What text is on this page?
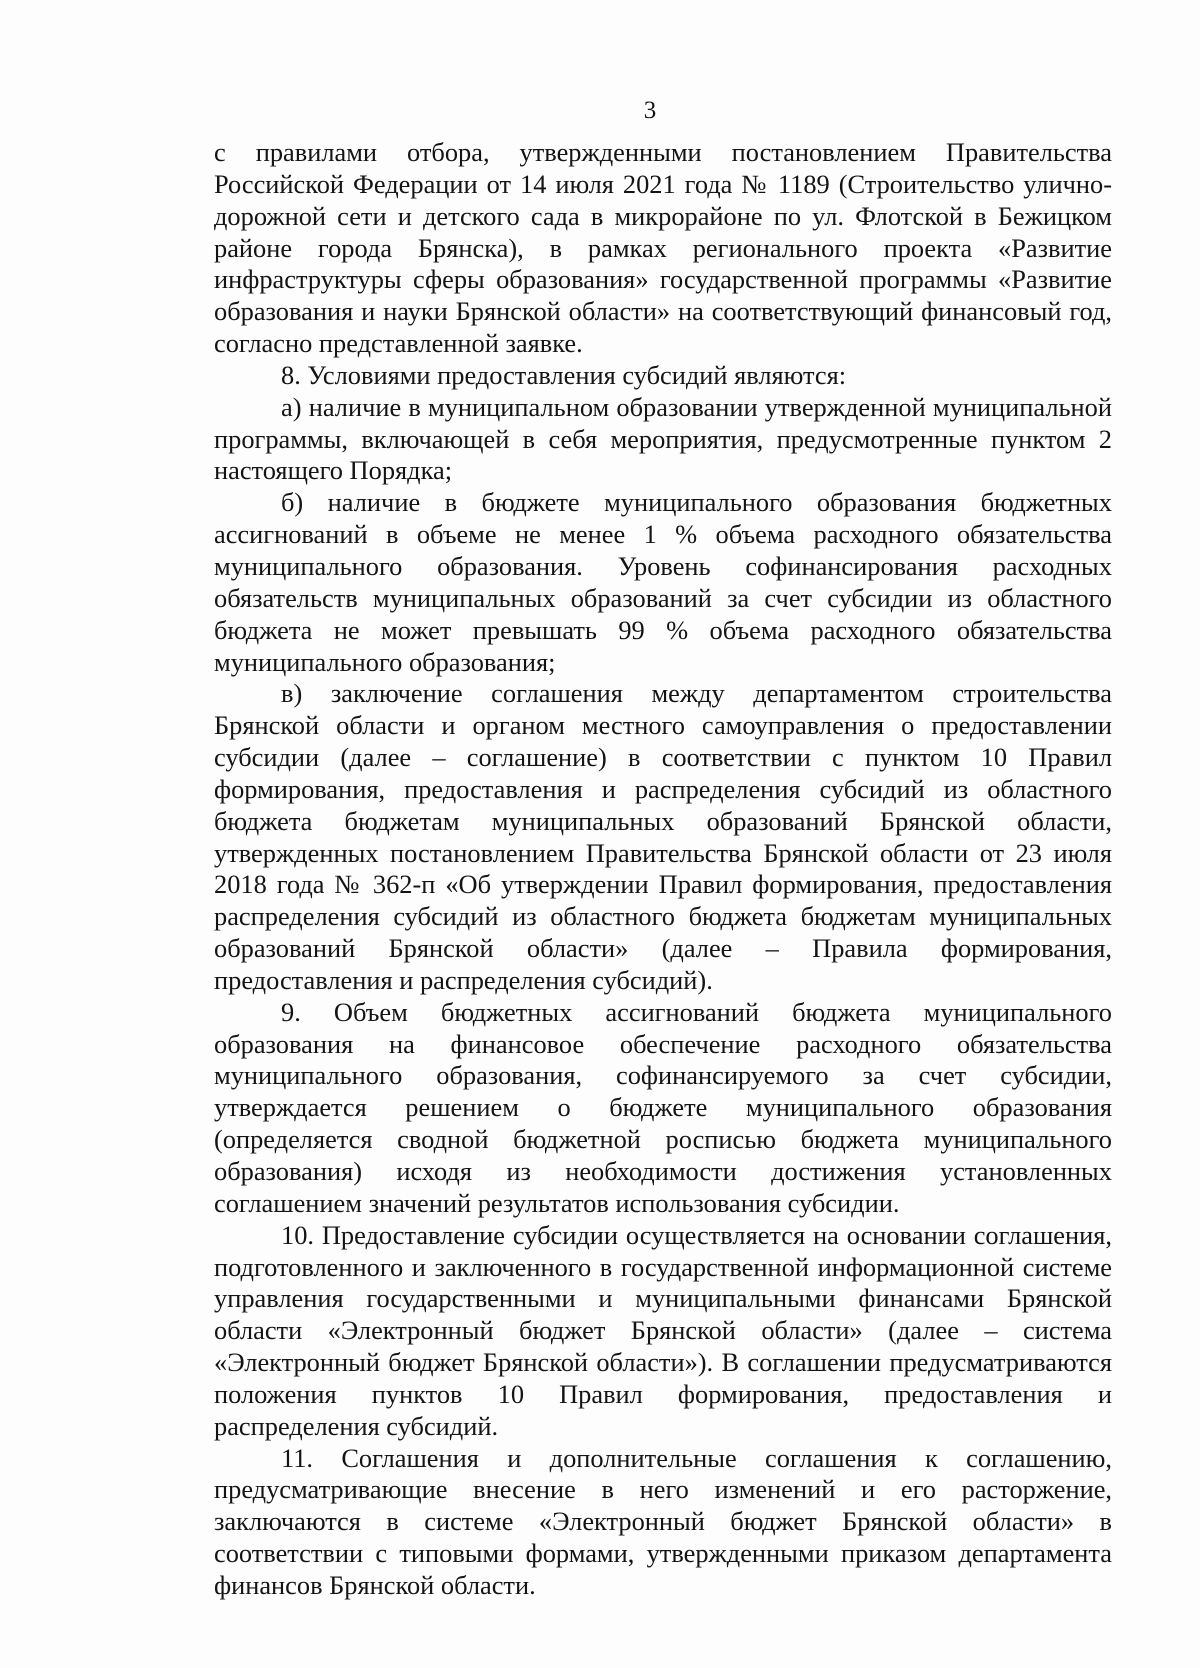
3

с правилами отбора, утвержденными постановлением Правительства Российской Федерации от 14 июля 2021 года № 1189 (Строительство улично-дорожной сети и детского сада в микрорайоне по ул. Флотской в Бежицком районе города Брянска), в рамках регионального проекта «Развитие инфраструктуры сферы образования» государственной программы «Развитие образования и науки Брянской области» на соответствующий финансовый год, согласно представленной заявке.

8. Условиями предоставления субсидий являются:

а) наличие в муниципальном образовании утвержденной муниципальной программы, включающей в себя мероприятия, предусмотренные пунктом 2 настоящего Порядка;

б) наличие в бюджете муниципального образования бюджетных ассигнований в объеме не менее 1 % объема расходного обязательства муниципального образования. Уровень софинансирования расходных обязательств муниципальных образований за счет субсидии из областного бюджета не может превышать 99 % объема расходного обязательства муниципального образования;

в) заключение соглашения между департаментом строительства Брянской области и органом местного самоуправления о предоставлении субсидии (далее – соглашение) в соответствии с пунктом 10 Правил формирования, предоставления и распределения субсидий из областного бюджета бюджетам муниципальных образований Брянской области, утвержденных постановлением Правительства Брянской области от 23 июля 2018 года № 362-п «Об утверждении Правил формирования, предоставления распределения субсидий из областного бюджета бюджетам муниципальных образований Брянской области» (далее – Правила формирования, предоставления и распределения субсидий).

9. Объем бюджетных ассигнований бюджета муниципального образования на финансовое обеспечение расходного обязательства муниципального образования, софинансируемого за счет субсидии, утверждается решением о бюджете муниципального образования (определяется сводной бюджетной росписью бюджета муниципального образования) исходя из необходимости достижения установленных соглашением значений результатов использования субсидии.

10. Предоставление субсидии осуществляется на основании соглашения, подготовленного и заключенного в государственной информационной системе управления государственными и муниципальными финансами Брянской области «Электронный бюджет Брянской области» (далее – система «Электронный бюджет Брянской области»). В соглашении предусматриваются положения пунктов 10 Правил формирования, предоставления и распределения субсидий.

11. Соглашения и дополнительные соглашения к соглашению, предусматривающие внесение в него изменений и его расторжение, заключаются в системе «Электронный бюджет Брянской области» в соответствии с типовыми формами, утвержденными приказом департамента финансов Брянской области.
